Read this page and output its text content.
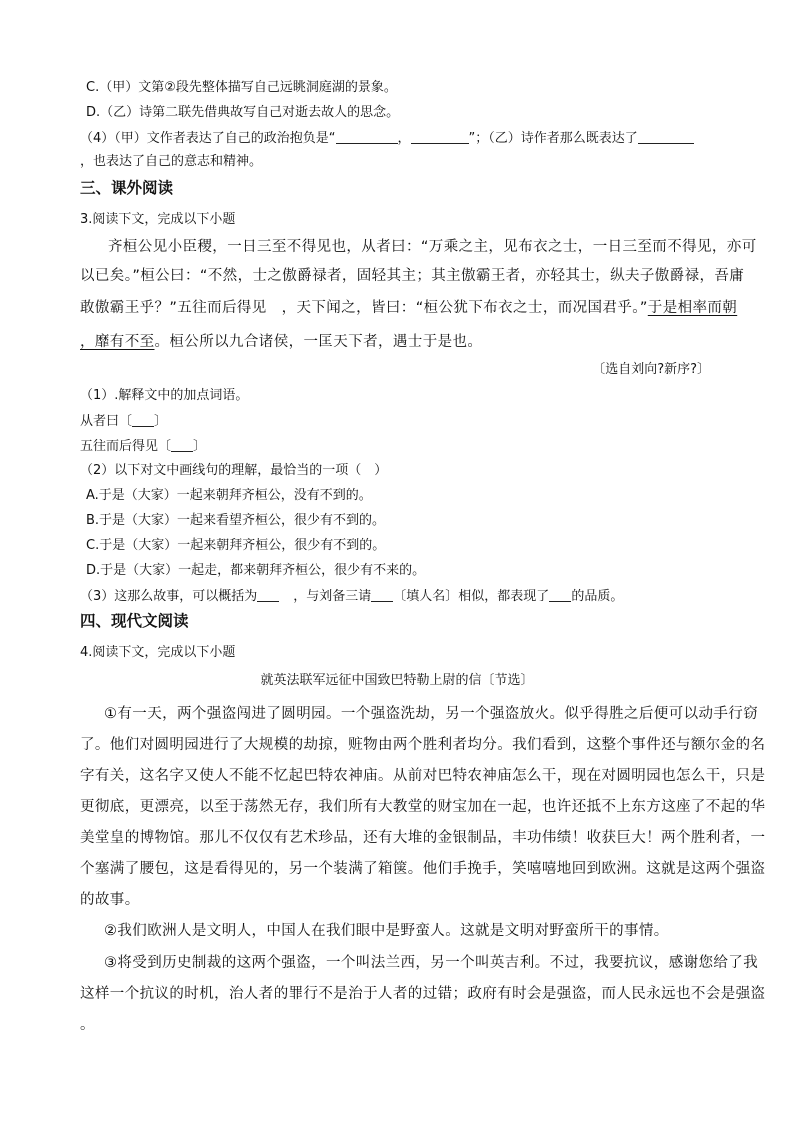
C.（甲）文第②段先整体描写自己远眺洞庭湖的景象。
D.（乙）诗第二联先借典故写自己对逝去故人的思念。
（4）（甲）文作者表达了自己的政治抱负是“	，	”；（乙）诗作者那么既表达了
，也表达了自己的意志和精神。
三、课外阅读
3.阅读下文，完成以下小题
齐桓公见小臣稷，一日三至不得见也，从者曰：“万乘之主，见布衣之士，一日三至而不得见，亦可
以已矣。”桓公曰：“不然，士之傲爵禄者，固轻其主；其主傲霸王者，亦轻其士，纵夫子傲爵禄，吾庸
敢傲霸王乎？”五往而后得见　，天下闻之，皆曰：“桓公犹下布衣之士，而况国君乎。”于是相率而朝
，靡有不至。桓公所以九合诸侯，一匡天下者，遇士于是也。
〔选自刘向?新序?〕
（1）.解释文中的加点词语。
从者曰〔 〕
五往而后得见〔 〕
（2）以下对文中画线句的理解，最恰当的一项（　）
A.于是（大家）一起来朝拜齐桓公，没有不到的。
B.于是（大家）一起来看望齐桓公，很少有不到的。
C.于是（大家）一起来朝拜齐桓公，很少有不到的。
D.于是（大家）一起走，都来朝拜齐桓公，很少有不来的。
（3）这那么故事，可以概括为	，与刘备三请 〔填人名〕相似，都表现了 的品质。
四、现代文阅读
4.阅读下文，完成以下小题
就英法联军远征中国致巴特勒上尉的信〔节选〕
①有一天，两个强盗闯进了圆明园。一个强盗洗劫，另一个强盗放火。似乎得胜之后便可以动手行窃
了。他们对圆明园进行了大规模的劫掠，赃物由两个胜利者均分。我们看到，这整个事件还与额尔金的名
字有关，这名字又使人不能不忆起巴特农神庙。从前对巴特农神庙怎么干，现在对圆明园也怎么干，只是
更彻底，更漂亮，以至于荡然无存，我们所有大教堂的财宝加在一起，也许还抵不上东方这座了不起的华
美堂皇的博物馆。那儿不仅仅有艺术珍品，还有大堆的金银制品，丰功伟绩！收获巨大！两个胜利者，一
个塞满了腰包，这是看得见的，另一个装满了箱箧。他们手挽手，笑嘻嘻地回到欧洲。这就是这两个强盗
的故事。
②我们欧洲人是文明人，中国人在我们眼中是野蛮人。这就是文明对野蛮所干的事情。
③将受到历史制裁的这两个强盗，一个叫法兰西，另一个叫英吉利。不过，我要抗议，感谢您给了我
这样一个抗议的时机，治人者的罪行不是治于人者的过错；政府有时会是强盗，而人民永远也不会是强盗
。
